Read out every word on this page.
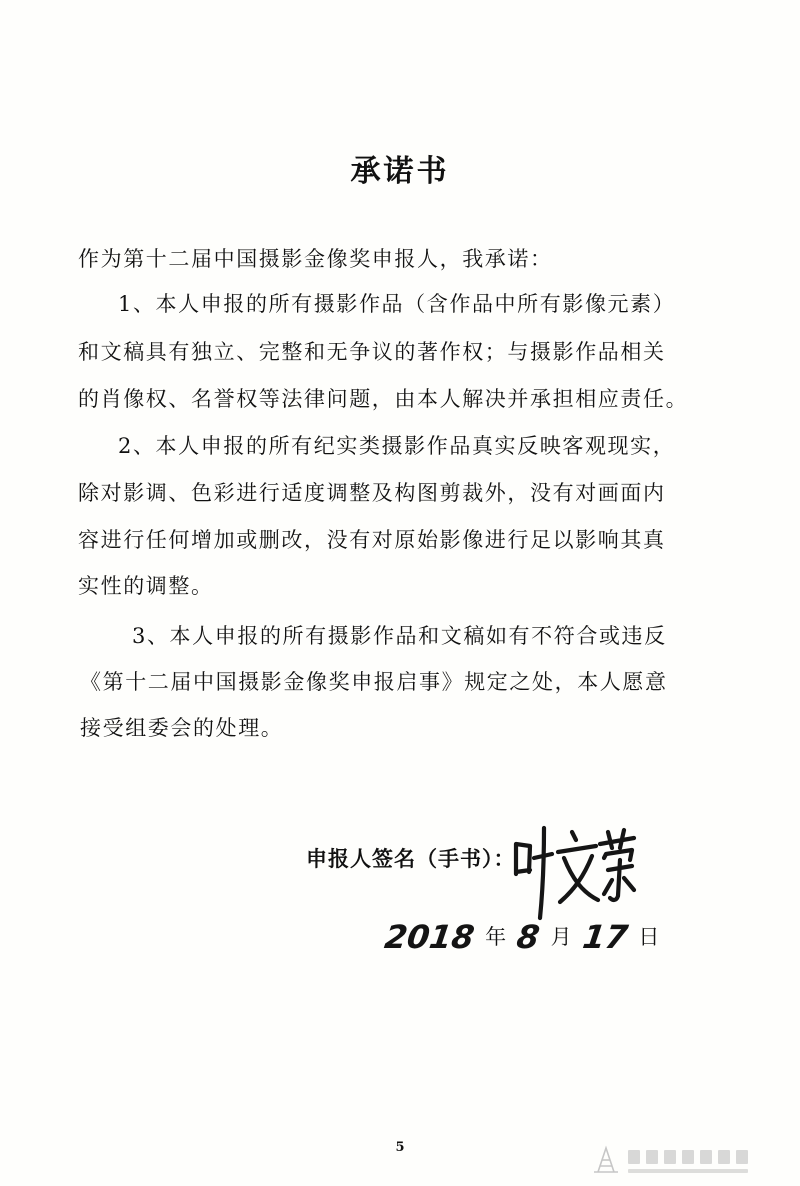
承诺书
作为第十二届中国摄影金像奖申报人，我承诺：
1、本人申报的所有摄影作品（含作品中所有影像元素）
和文稿具有独立、完整和无争议的著作权；与摄影作品相关
的肖像权、名誉权等法律问题，由本人解决并承担相应责任。
2、本人申报的所有纪实类摄影作品真实反映客观现实，
除对影调、色彩进行适度调整及构图剪裁外，没有对画面内
容进行任何增加或删改，没有对原始影像进行足以影响其真
实性的调整。
3、本人申报的所有摄影作品和文稿如有不符合或违反
《第十二届中国摄影金像奖申报启事》规定之处，本人愿意
接受组委会的处理。
申报人签名（手书）：
2018 年 8 月 17 日
5
